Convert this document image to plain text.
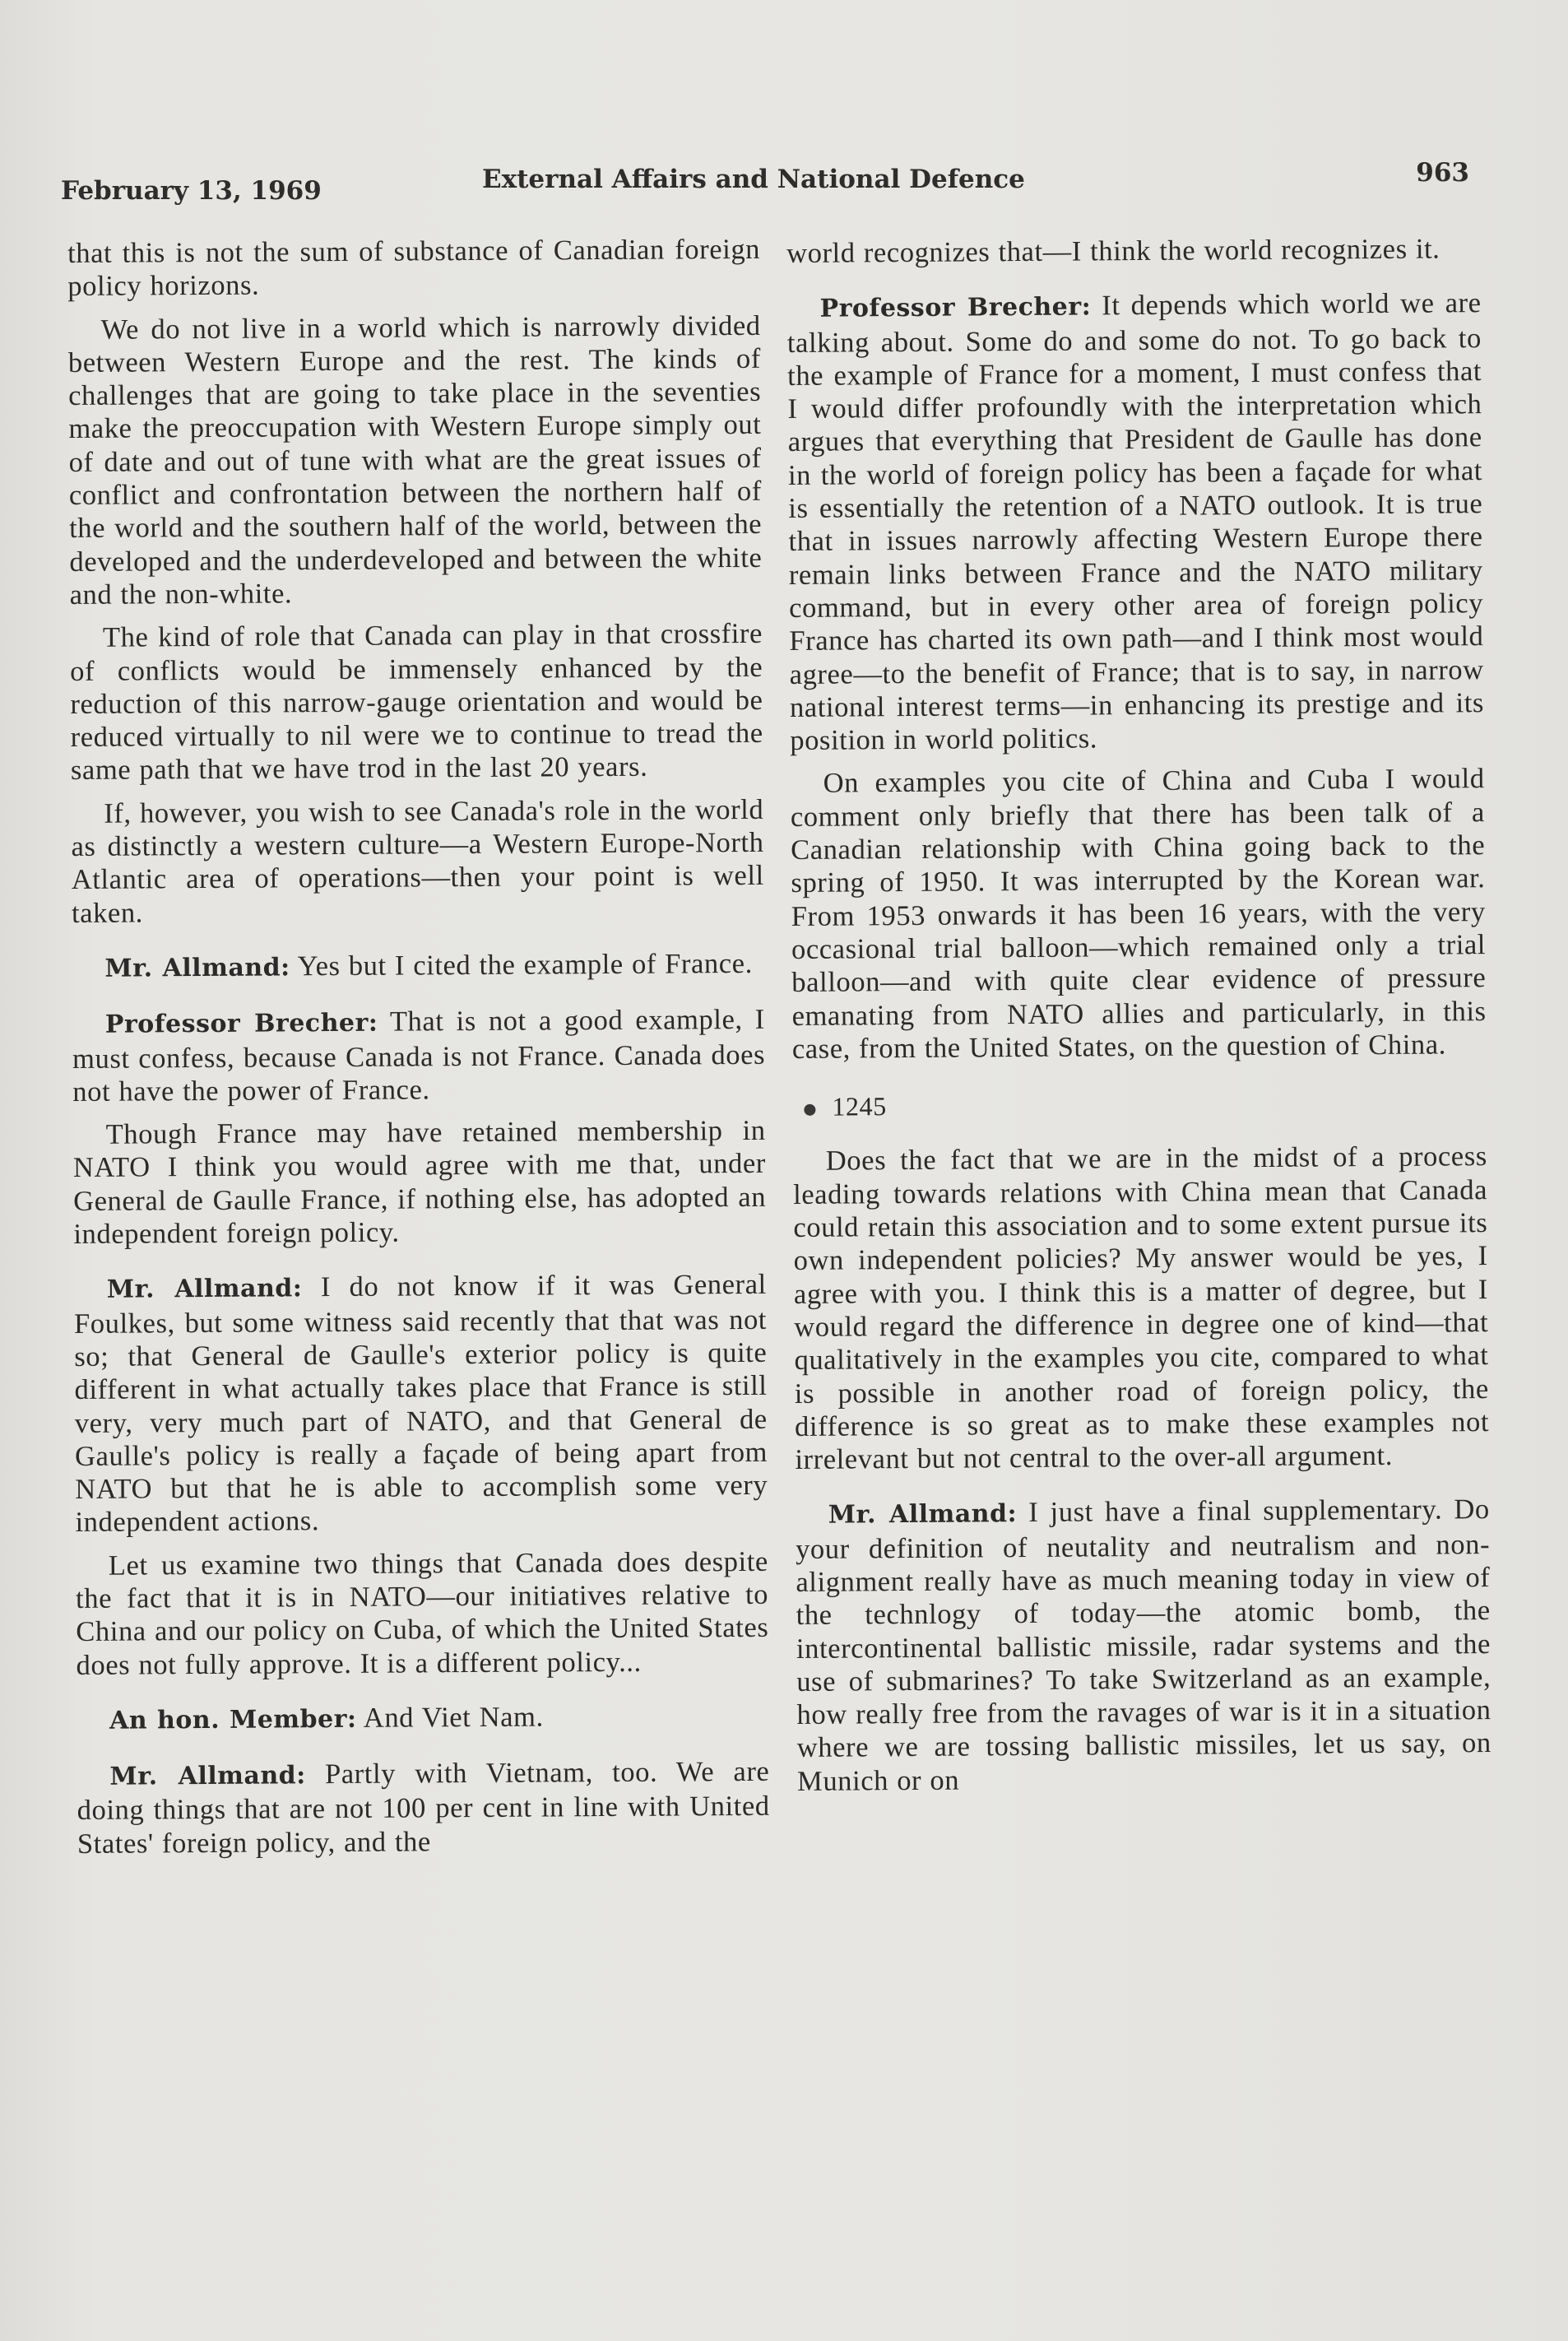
February 13, 1969	External Affairs and National Defence	963

that this is not the sum of substance of Canadian foreign policy horizons.

We do not live in a world which is narrowly divided between Western Europe and the rest. The kinds of challenges that are going to take place in the seventies make the preoccupation with Western Europe simply out of date and out of tune with what are the great issues of conflict and confrontation between the northern half of the world and the southern half of the world, between the developed and the underdeveloped and between the white and the non-white.

The kind of role that Canada can play in that crossfire of conflicts would be immensely enhanced by the reduction of this narrow-gauge orientation and would be reduced virtually to nil were we to continue to tread the same path that we have trod in the last 20 years.

If, however, you wish to see Canada's role in the world as distinctly a western culture—a Western Europe-North Atlantic area of operations—then your point is well taken.

Mr. Allmand: Yes but I cited the example of France.

Professor Brecher: That is not a good example, I must confess, because Canada is not France. Canada does not have the power of France.

Though France may have retained membership in NATO I think you would agree with me that, under General de Gaulle France, if nothing else, has adopted an independent foreign policy.

Mr. Allmand: I do not know if it was General Foulkes, but some witness said recently that that was not so; that General de Gaulle's exterior policy is quite different in what actually takes place that France is still very, very much part of NATO, and that General de Gaulle's policy is really a façade of being apart from NATO but that he is able to accomplish some very independent actions.

Let us examine two things that Canada does despite the fact that it is in NATO—our initiatives relative to China and our policy on Cuba, of which the United States does not fully approve. It is a different policy...

An hon. Member: And Viet Nam.

Mr. Allmand: Partly with Vietnam, too. We are doing things that are not 100 per cent in line with United States' foreign policy, and the

world recognizes that—I think the world recognizes it.

Professor Brecher: It depends which world we are talking about. Some do and some do not. To go back to the example of France for a moment, I must confess that I would differ profoundly with the interpretation which argues that everything that President de Gaulle has done in the world of foreign policy has been a façade for what is essentially the retention of a NATO outlook. It is true that in issues narrowly affecting Western Europe there remain links between France and the NATO military command, but in every other area of foreign policy France has charted its own path—and I think most would agree—to the benefit of France; that is to say, in narrow national interest terms—in enhancing its prestige and its position in world politics.

On examples you cite of China and Cuba I would comment only briefly that there has been talk of a Canadian relationship with China going back to the spring of 1950. It was interrupted by the Korean war. From 1953 onwards it has been 16 years, with the very occasional trial balloon—which remained only a trial balloon—and with quite clear evidence of pressure emanating from NATO allies and particularly, in this case, from the United States, on the question of China.

1245

Does the fact that we are in the midst of a process leading towards relations with China mean that Canada could retain this association and to some extent pursue its own independent policies? My answer would be yes, I agree with you. I think this is a matter of degree, but I would regard the difference in degree one of kind—that qualitatively in the examples you cite, compared to what is possible in another road of foreign policy, the difference is so great as to make these examples not irrelevant but not central to the over-all argument.

Mr. Allmand: I just have a final supplementary. Do your definition of neutality and neutralism and non-alignment really have as much meaning today in view of the technlogy of today—the atomic bomb, the intercontinental ballistic missile, radar systems and the use of submarines? To take Switzerland as an example, how really free from the ravages of war is it in a situation where we are tossing ballistic missiles, let us say, on Munich or on
